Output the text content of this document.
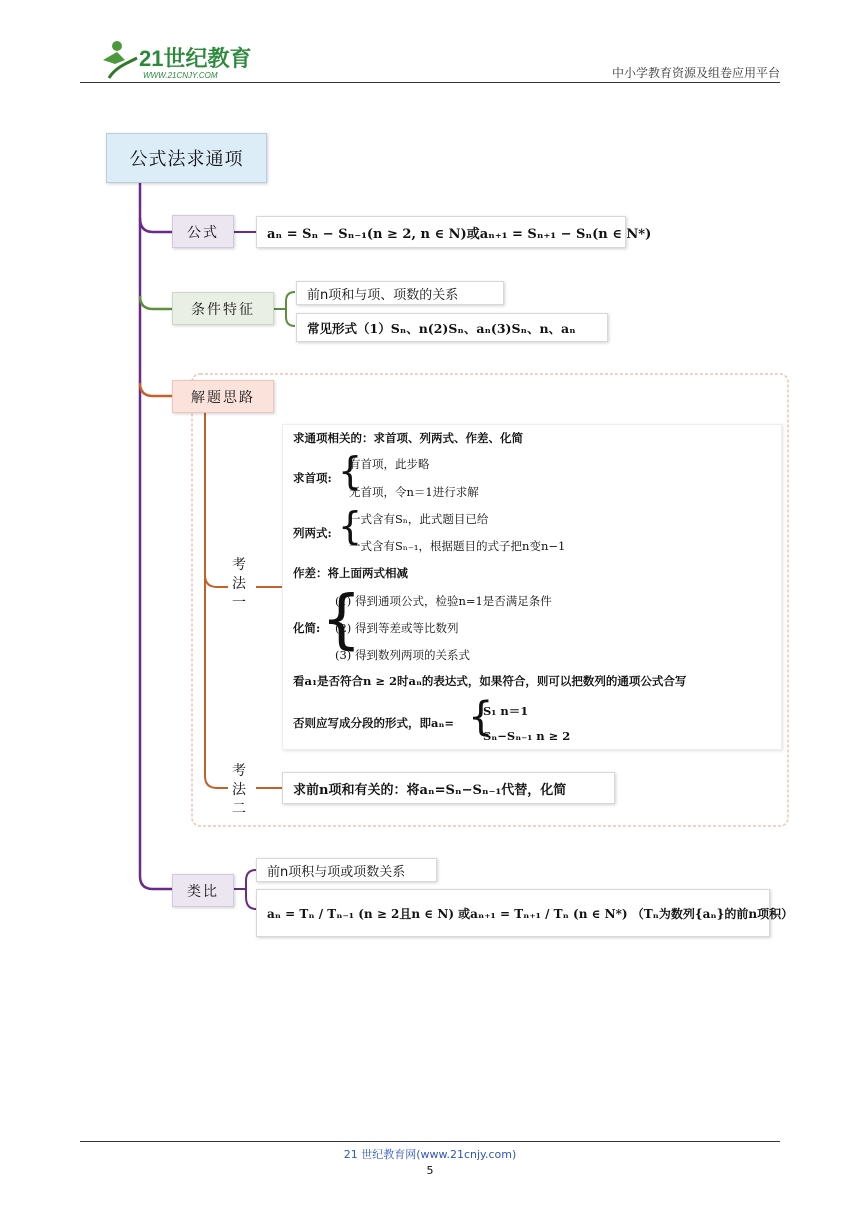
21世纪教育
WWW.21CNJY.COM	中小学教育资源及组卷应用平台
公式法求通项
公式	aₙ = Sₙ − Sₙ₋₁(n ≥ 2, n ∈ N)或aₙ₊₁ = Sₙ₊₁ − Sₙ(n ∈ N*)
条件特征
前n项和与项、项数的关系
常见形式（1）Sₙ、n(2)Sₙ、aₙ(3)Sₙ、n、aₙ
解题思路
考法一
考法二
求通项相关的：求首项、列两式、作差、化简
求首项: {
有首项，此步略
无首项，令n＝1进行求解
列两式: {
一式含有Sₙ，此式题目已给
一式含有Sₙ₋₁，根据题目的式子把n变n−1
作差：将上面两式相减
化简: {
(1) 得到通项公式，检验n=1是否满足条件
(2) 得到等差或等比数列
(3) 得到数列两项的关系式
看a₁是否符合n ≥ 2时aₙ的表达式，如果符合，则可以把数列的通项公式合写
否则应写成分段的形式，即aₙ= {
S₁ n＝1
Sₙ−Sₙ₋₁ n ≥ 2
求前n项和有关的：将aₙ=Sₙ−Sₙ₋₁代替，化简
类比
前n项积与项或项数关系
aₙ = Tₙ / Tₙ₋₁ (n ≥ 2且n ∈ N) 或aₙ₊₁ = Tₙ₊₁ / Tₙ (n ∈ N*) （Tₙ为数列{aₙ}的前n项积）
21 世纪教育网(www.21cnjy.com)
5
